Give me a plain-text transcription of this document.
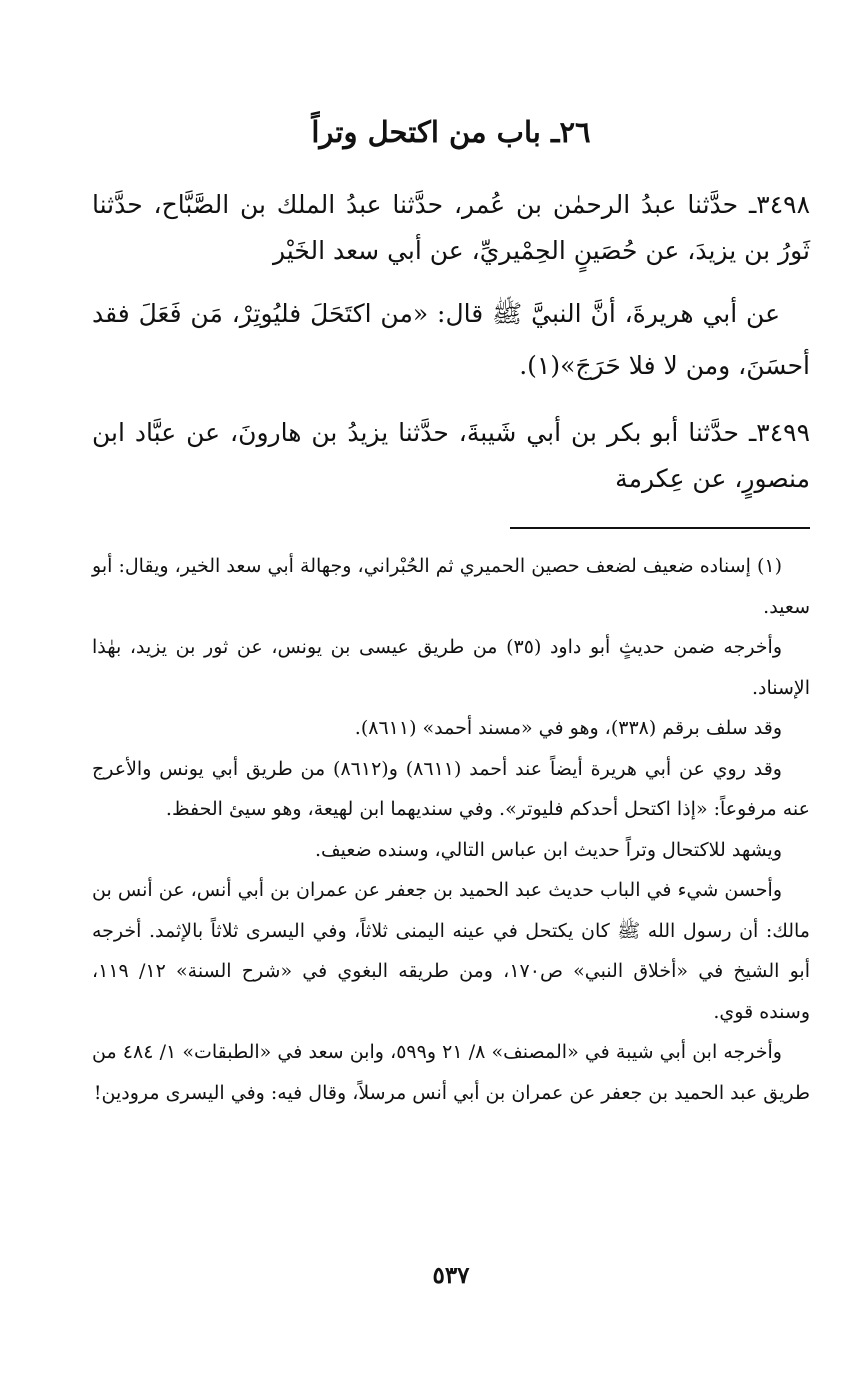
٢٦ـ باب من اكتحل وتراً

٣٤٩٨ـ حدَّثنا عبدُ الرحمٰن بن عُمر، حدَّثنا عبدُ الملك بن الصَّبَّاح، حدَّثنا ثَورُ بن يزيدَ، عن حُصَينٍ الحِمْيريِّ، عن أبي سعد الخَيْر

عن أبي هريرةَ، أنَّ النبيَّ ﷺ قال: «من اكتَحَلَ فليُوتِرْ، مَن فَعَلَ فقد أحسَنَ، ومن لا فلا حَرَجَ»(١).

٣٤٩٩ـ حدَّثنا أبو بكر بن أبي شَيبةَ، حدَّثنا يزيدُ بن هارونَ، عن عبَّاد ابن منصورٍ، عن عِكرمة

(١) إسناده ضعيف لضعف حصين الحميري ثم الحُبْراني، وجهالة أبي سعد الخير، ويقال: أبو سعيد.

وأخرجه ضمن حديثٍ أبو داود (٣٥) من طريق عيسى بن يونس، عن ثور بن يزيد، بهٰذا الإسناد.

وقد سلف برقم (٣٣٨)، وهو في «مسند أحمد» (٨٦١١).

وقد روي عن أبي هريرة أيضاً عند أحمد (٨٦١١) و(٨٦١٢) من طريق أبي يونس والأعرج عنه مرفوعاً: «إذا اكتحل أحدكم فليوتر». وفي سنديهما ابن لهيعة، وهو سيئ الحفظ.

ويشهد للاكتحال وتراً حديث ابن عباس التالي، وسنده ضعيف.

وأحسن شيء في الباب حديث عبد الحميد بن جعفر عن عمران بن أبي أنس، عن أنس بن مالك: أن رسول الله ﷺ كان يكتحل في عينه اليمنى ثلاثاً، وفي اليسرى ثلاثاً بالإثمد. أخرجه أبو الشيخ في «أخلاق النبي» ص١٧٠، ومن طريقه البغوي في «شرح السنة» ١٢/ ١١٩، وسنده قوي.

وأخرجه ابن أبي شيبة في «المصنف» ٨/ ٢١ و٥٩٩، وابن سعد في «الطبقات» ١/ ٤٨٤ من طريق عبد الحميد بن جعفر عن عمران بن أبي أنس مرسلاً، وقال فيه: وفي اليسرى مرودين!

٥٣٧
